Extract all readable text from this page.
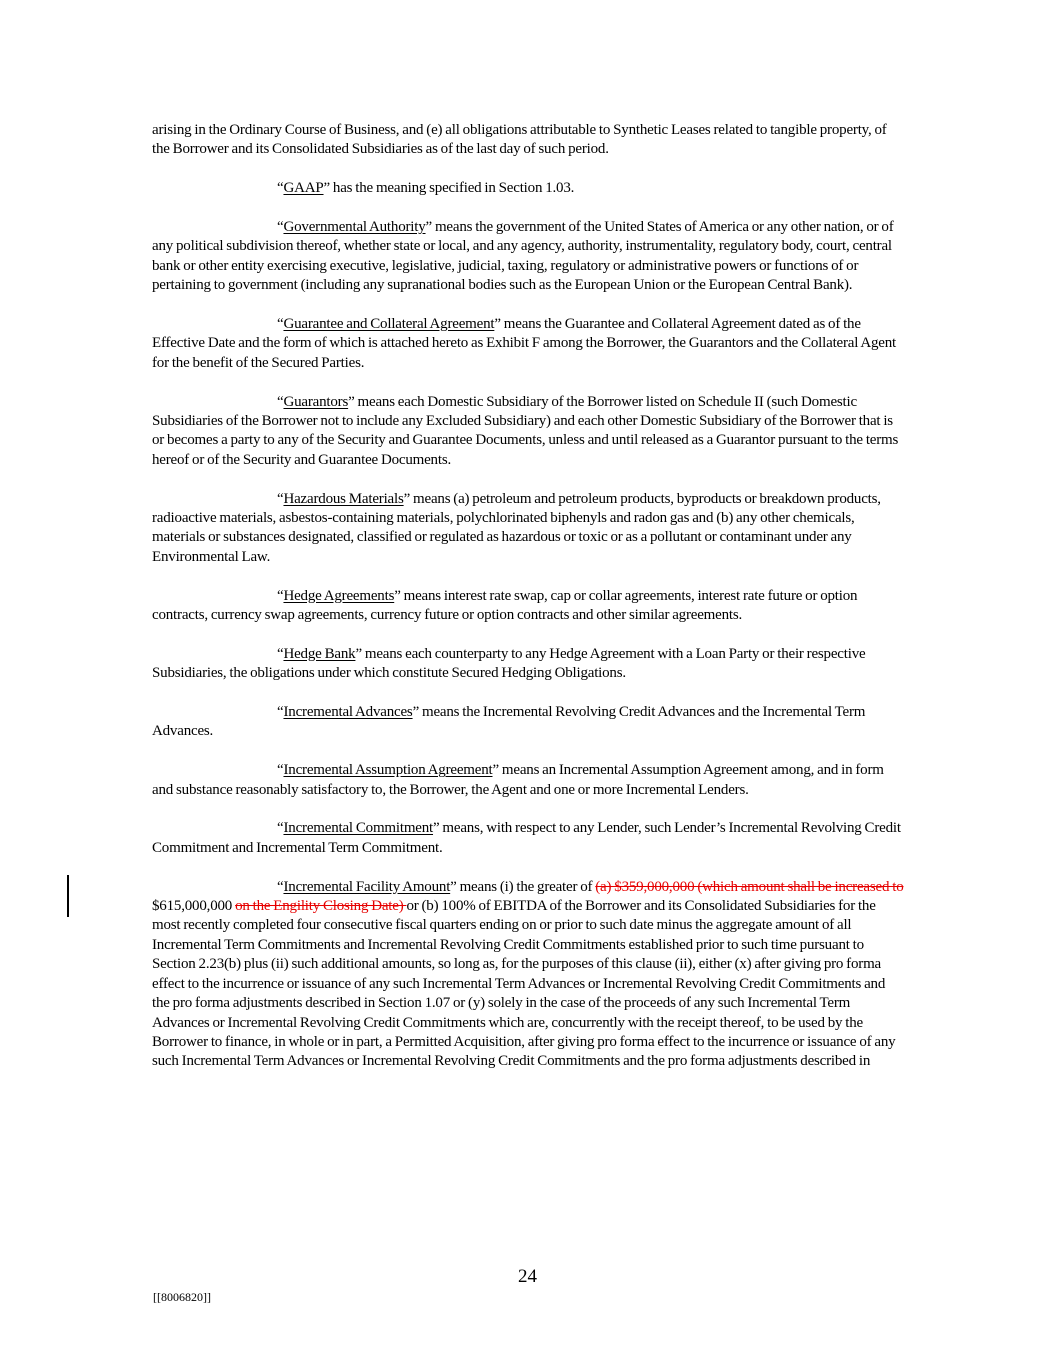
arising in the Ordinary Course of Business, and (e) all obligations attributable to Synthetic Leases related to tangible property, of the Borrower and its Consolidated Subsidiaries as of the last day of such period.

“GAAP” has the meaning specified in Section 1.03.

“Governmental Authority” means the government of the United States of America or any other nation, or of any political subdivision thereof, whether state or local, and any agency, authority, instrumentality, regulatory body, court, central bank or other entity exercising executive, legislative, judicial, taxing, regulatory or administrative powers or functions of or pertaining to government (including any supranational bodies such as the European Union or the European Central Bank).

“Guarantee and Collateral Agreement” means the Guarantee and Collateral Agreement dated as of the Effective Date and the form of which is attached hereto as Exhibit F among the Borrower, the Guarantors and the Collateral Agent for the benefit of the Secured Parties.

“Guarantors” means each Domestic Subsidiary of the Borrower listed on Schedule II (such Domestic Subsidiaries of the Borrower not to include any Excluded Subsidiary) and each other Domestic Subsidiary of the Borrower that is or becomes a party to any of the Security and Guarantee Documents, unless and until released as a Guarantor pursuant to the terms hereof or of the Security and Guarantee Documents.

“Hazardous Materials” means (a) petroleum and petroleum products, byproducts or breakdown products, radioactive materials, asbestos-containing materials, polychlorinated biphenyls and radon gas and (b) any other chemicals, materials or substances designated, classified or regulated as hazardous or toxic or as a pollutant or contaminant under any Environmental Law.

“Hedge Agreements” means interest rate swap, cap or collar agreements, interest rate future or option contracts, currency swap agreements, currency future or option contracts and other similar agreements.

“Hedge Bank” means each counterparty to any Hedge Agreement with a Loan Party or their respective Subsidiaries, the obligations under which constitute Secured Hedging Obligations.

“Incremental Advances” means the Incremental Revolving Credit Advances and the Incremental Term Advances.

“Incremental Assumption Agreement” means an Incremental Assumption Agreement among, and in form and substance reasonably satisfactory to, the Borrower, the Agent and one or more Incremental Lenders.

“Incremental Commitment” means, with respect to any Lender, such Lender’s Incremental Revolving Credit Commitment and Incremental Term Commitment.

“Incremental Facility Amount” means (i) the greater of (a) $359,000,000 (which amount shall be increased to $615,000,000 on the Engility Closing Date) or (b) 100% of EBITDA of the Borrower and its Consolidated Subsidiaries for the most recently completed four consecutive fiscal quarters ending on or prior to such date minus the aggregate amount of all Incremental Term Commitments and Incremental Revolving Credit Commitments established prior to such time pursuant to Section 2.23(b) plus (ii) such additional amounts, so long as, for the purposes of this clause (ii), either (x) after giving pro forma effect to the incurrence or issuance of any such Incremental Term Advances or Incremental Revolving Credit Commitments and the pro forma adjustments described in Section 1.07 or (y) solely in the case of the proceeds of any such Incremental Term Advances or Incremental Revolving Credit Commitments which are, concurrently with the receipt thereof, to be used by the Borrower to finance, in whole or in part, a Permitted Acquisition, after giving pro forma effect to the incurrence or issuance of any such Incremental Term Advances or Incremental Revolving Credit Commitments and the pro forma adjustments described in

24
[[8006820]]
